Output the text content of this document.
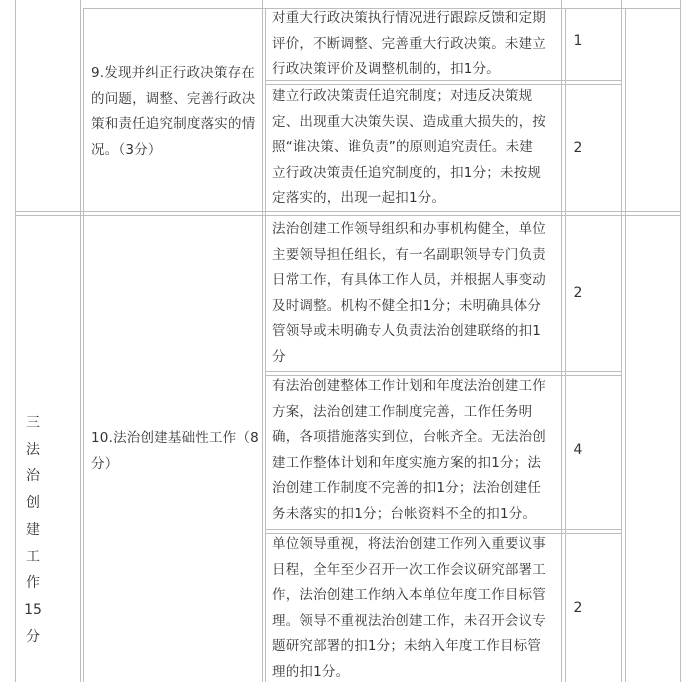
9.发现并纠正行政决策存在
的问题，调整、完善行政决
策和责任追究制度落实的情
况。（3分）
对重大行政决策执行情况进行跟踪反馈和定期
评价，不断调整、完善重大行政决策。未建立
行政决策评价及调整机制的，扣1分。
1
建立行政决策责任追究制度；对违反决策规
定、出现重大决策失误、造成重大损失的，按
照“谁决策、谁负责”的原则追究责任。未建
立行政决策责任追究制度的，扣1分；未按规
定落实的，出现一起扣1分。
2
三
法
治
创
建
工
作
15
分
10.法治创建基础性工作（8
分）
法治创建工作领导组织和办事机构健全，单位
主要领导担任组长，有一名副职领导专门负责
日常工作，有具体工作人员，并根据人事变动
及时调整。机构不健全扣1分；未明确具体分
管领导或未明确专人负责法治创建联络的扣1
分
2
有法治创建整体工作计划和年度法治创建工作
方案，法治创建工作制度完善，工作任务明
确，各项措施落实到位，台帐齐全。无法治创
建工作整体计划和年度实施方案的扣1分；法
治创建工作制度不完善的扣1分；法治创建任
务未落实的扣1分；台帐资料不全的扣1分。
4
单位领导重视，将法治创建工作列入重要议事
日程，全年至少召开一次工作会议研究部署工
作，法治创建工作纳入本单位年度工作目标管
理。领导不重视法治创建工作，未召开会议专
题研究部署的扣1分；未纳入年度工作目标管
理的扣1分。
2
